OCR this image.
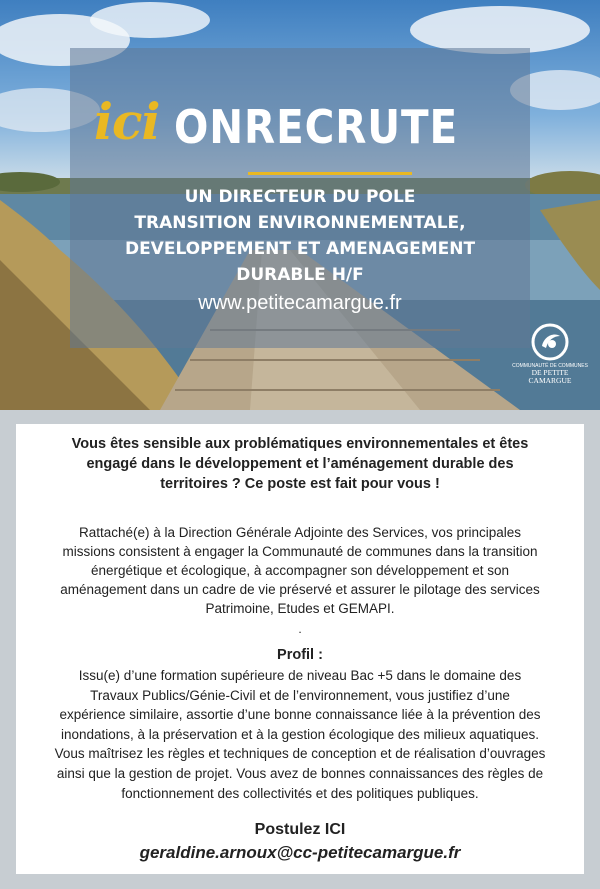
ici ONRECRUTE
UN DIRECTEUR DU POLE
TRANSITION ENVIRONNEMENTALE,
DEVELOPPEMENT ET AMENAGEMENT
DURABLE H/F
www.petitecamargue.fr
COMMUNAUTÉ DE COMMUNES
DE PETITE
CAMARGUE
Vous êtes sensible aux problématiques environnementales et êtes
engagé dans le développement et l’aménagement durable des
territoires ? Ce poste est fait pour vous !
Rattaché(e) à la Direction Générale Adjointe des Services, vos principales
missions consistent à engager la Communauté de communes dans la transition
énergétique et écologique, à accompagner son développement et son
aménagement dans un cadre de vie préservé et assurer le pilotage des services
Patrimoine, Etudes et GEMAPI.
.
Profil :
Issu(e) d’une formation supérieure de niveau Bac +5 dans le domaine des
Travaux Publics/Génie-Civil et de l’environnement, vous justifiez d’une
expérience similaire, assortie d’une bonne connaissance liée à la prévention des
inondations, à la préservation et à la gestion écologique des milieux aquatiques.
Vous maîtrisez les règles et techniques de conception et de réalisation d’ouvrages
ainsi que la gestion de projet. Vous avez de bonnes connaissances des règles de
fonctionnement des collectivités et des politiques publiques.
Postulez ICI
geraldine.arnoux@cc-petitecamargue.fr
